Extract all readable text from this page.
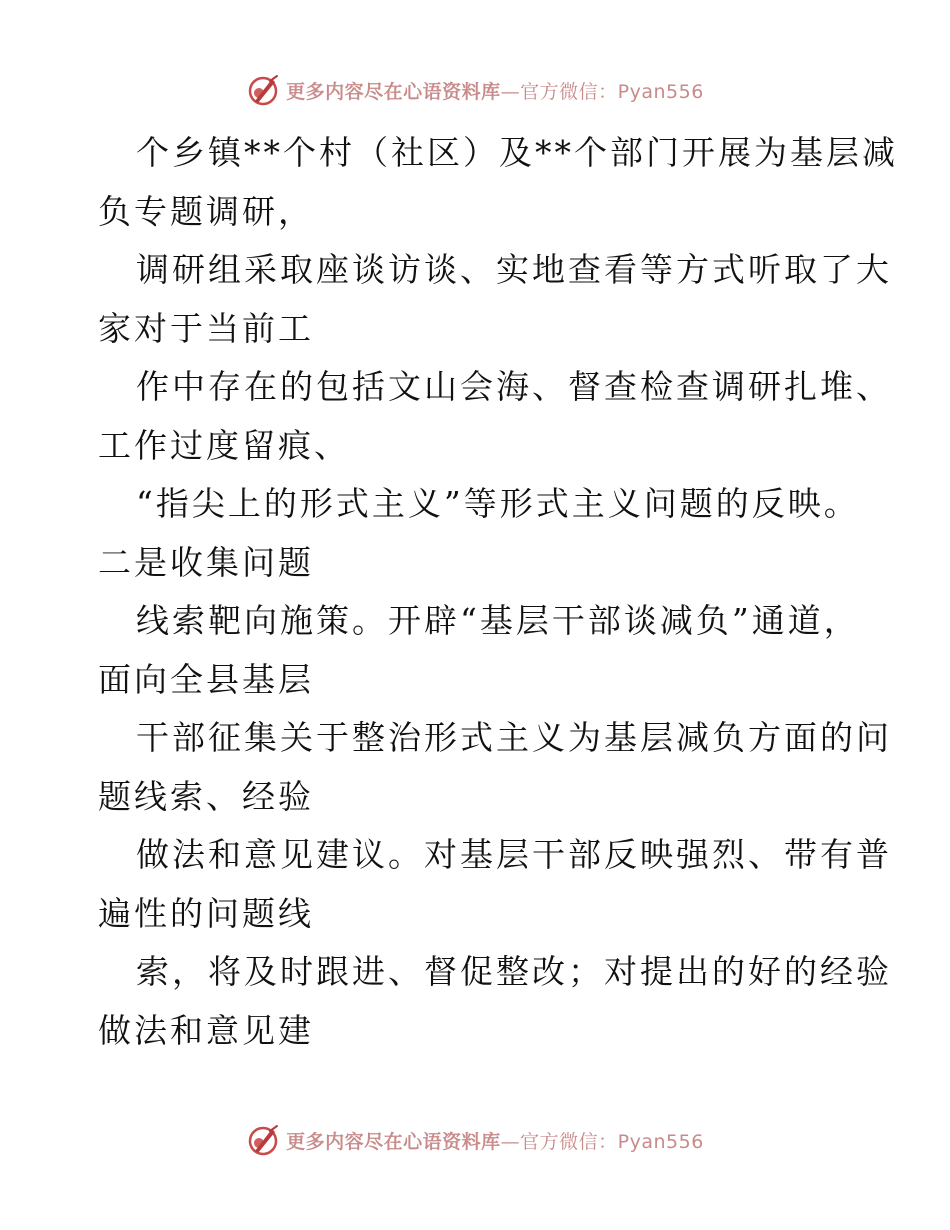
更多内容尽在心语资料库—官方微信：Pyan556
个乡镇**个村（社区）及**个部门开展为基层减
负专题调研，
调研组采取座谈访谈、实地查看等方式听取了大
家对于当前工
作中存在的包括文山会海、督查检查调研扎堆、
工作过度留痕、
“指尖上的形式主义”等形式主义问题的反映。
二是收集问题
线索靶向施策。开辟“基层干部谈减负”通道，
面向全县基层
干部征集关于整治形式主义为基层减负方面的问
题线索、经验
做法和意见建议。对基层干部反映强烈、带有普
遍性的问题线
索，将及时跟进、督促整改；对提出的好的经验
做法和意见建
更多内容尽在心语资料库—官方微信：Pyan556
